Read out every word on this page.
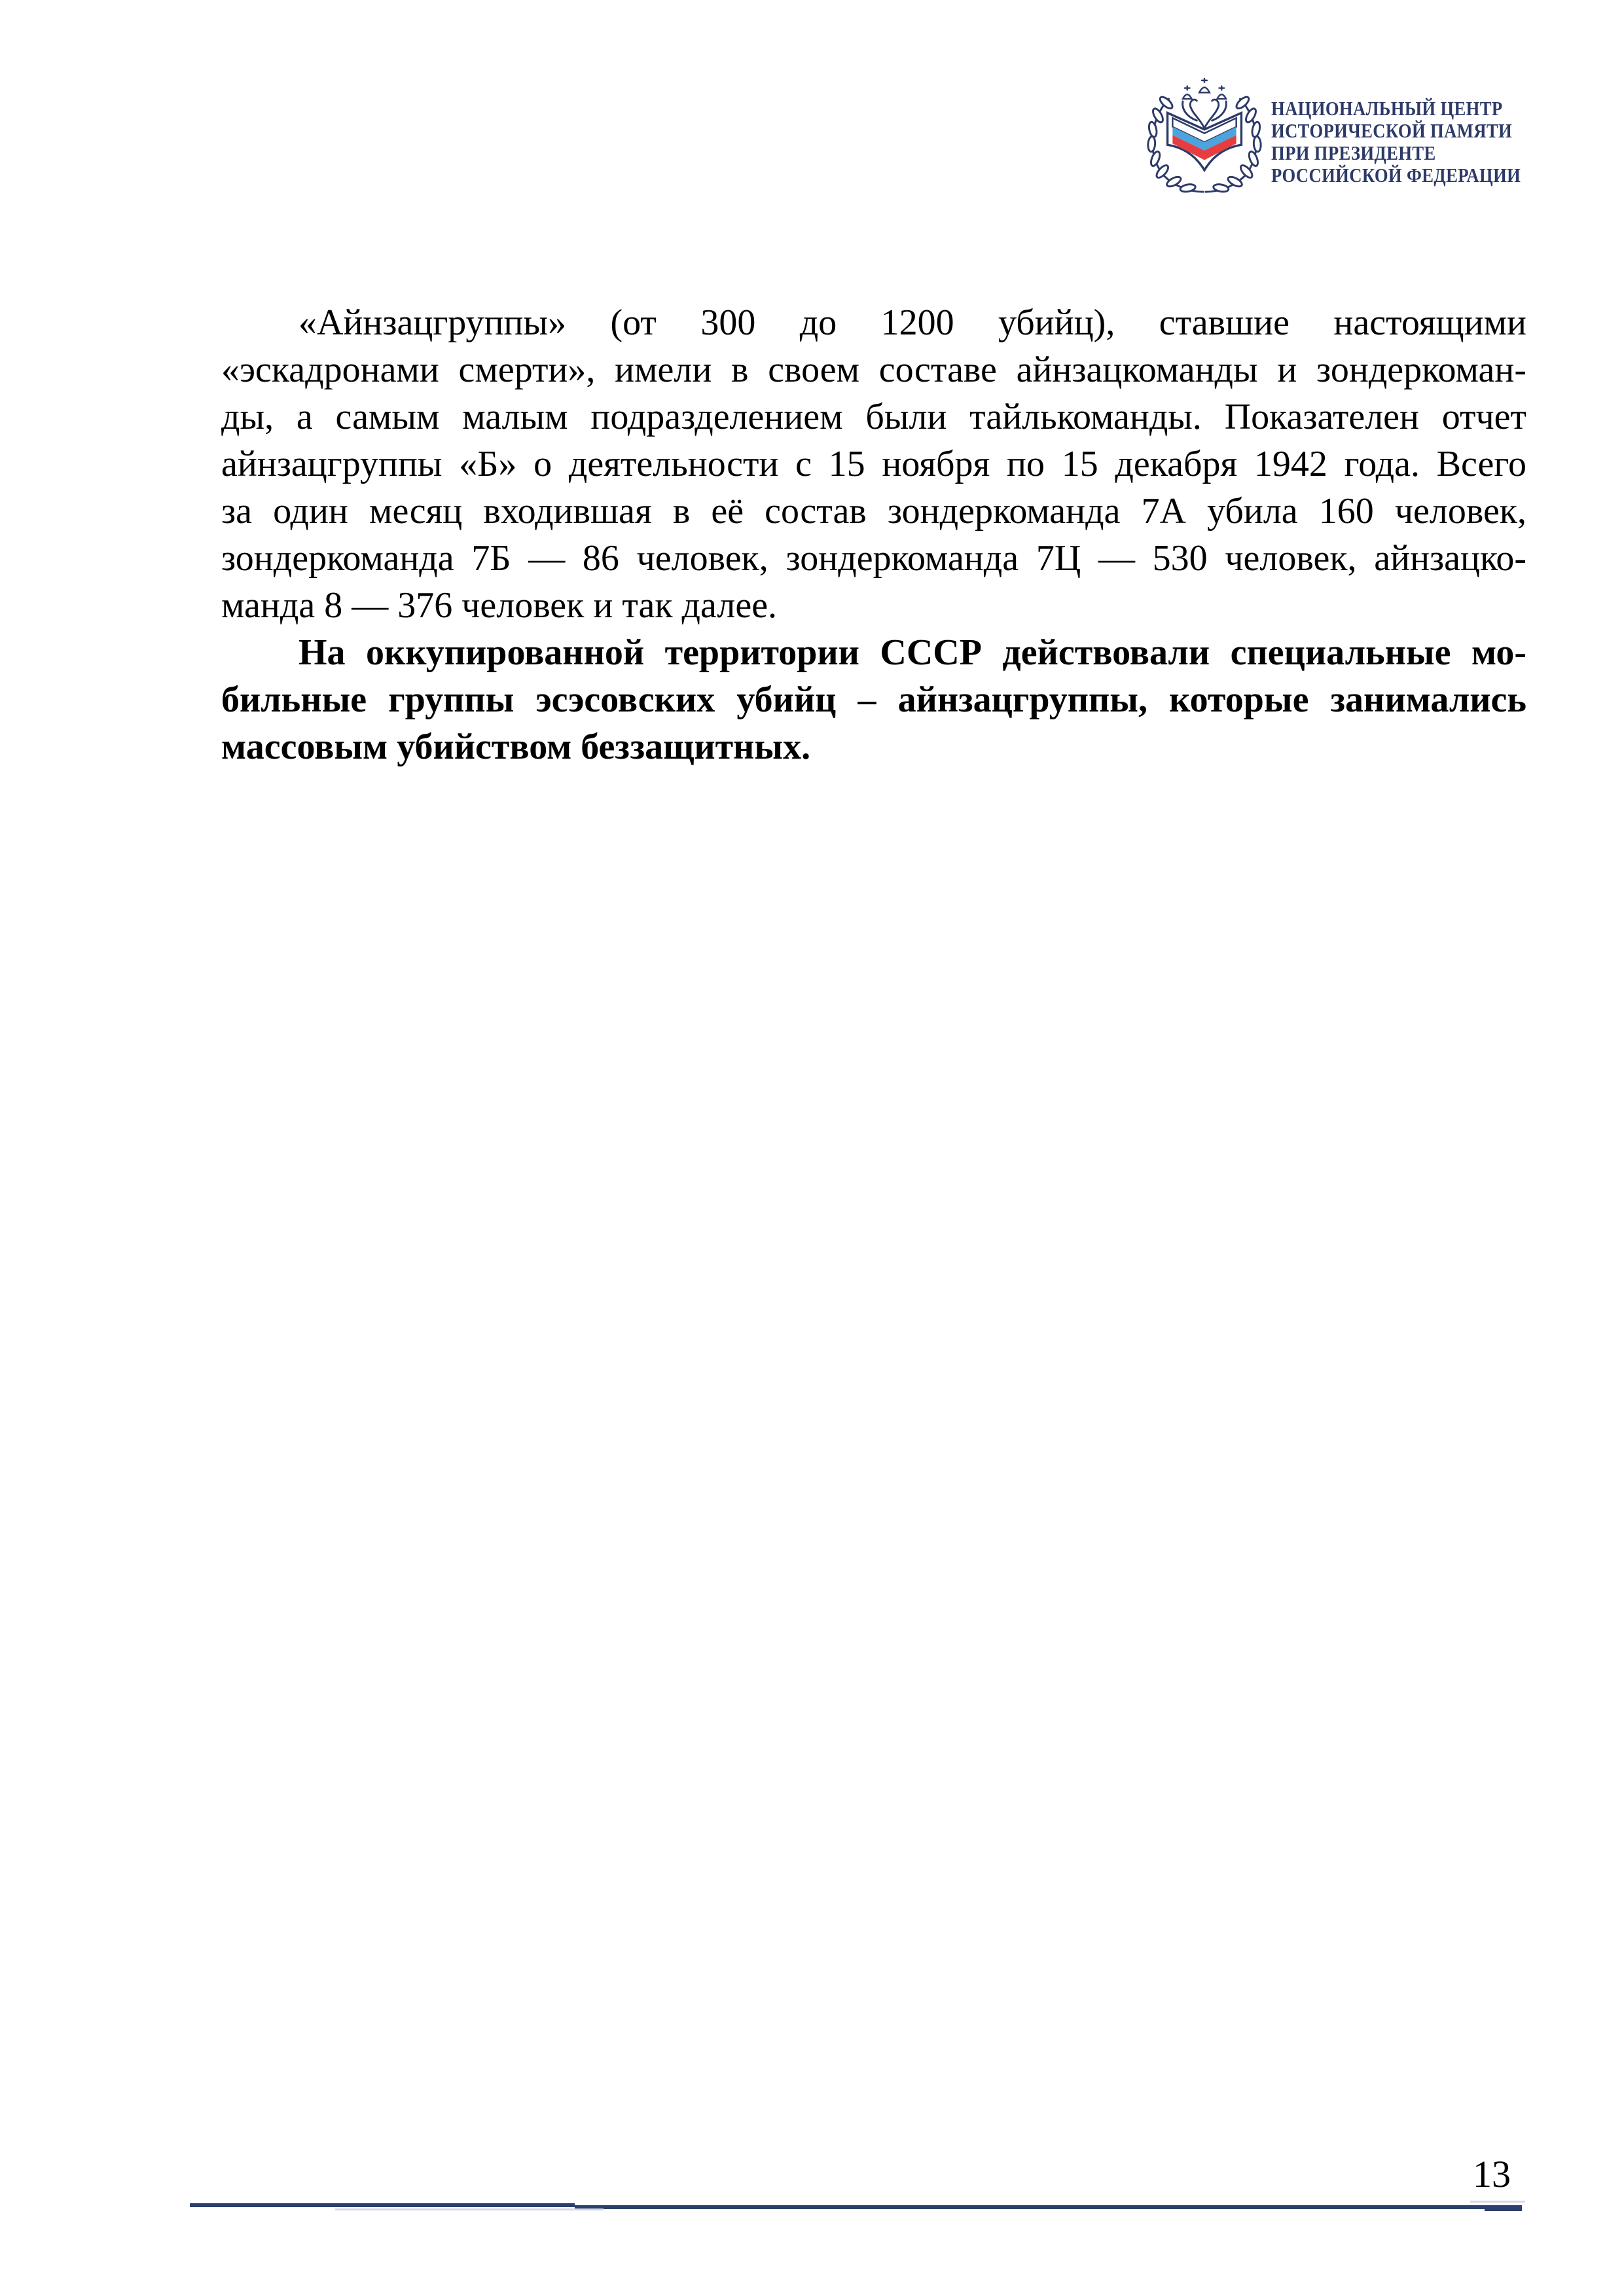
НАЦИОНАЛЬНЫЙ ЦЕНТР
ИСТОРИЧЕСКОЙ ПАМЯТИ
ПРИ ПРЕЗИДЕНТЕ
РОССИЙСКОЙ ФЕДЕРАЦИИ
«Айнзацгруппы» (от 300 до 1200 убийц), ставшие настоящими
«эскадронами смерти», имели в своем составе айнзацкоманды и зондеркоман-
ды, а самым малым подразделением были тайлькоманды. Показателен отчет
айнзацгруппы «Б» о деятельности с 15 ноября по 15 декабря 1942 года. Всего
за один месяц входившая в её состав зондеркоманда 7А убила 160 человек,
зондеркоманда 7Б — 86 человек, зондеркоманда 7Ц — 530 человек, айнзацко-
манда 8 — 376 человек и так далее.
На оккупированной территории СССР действовали специальные мо-
бильные группы эсэсовских убийц – айнзацгруппы, которые занимались
массовым убийством беззащитных.
13
